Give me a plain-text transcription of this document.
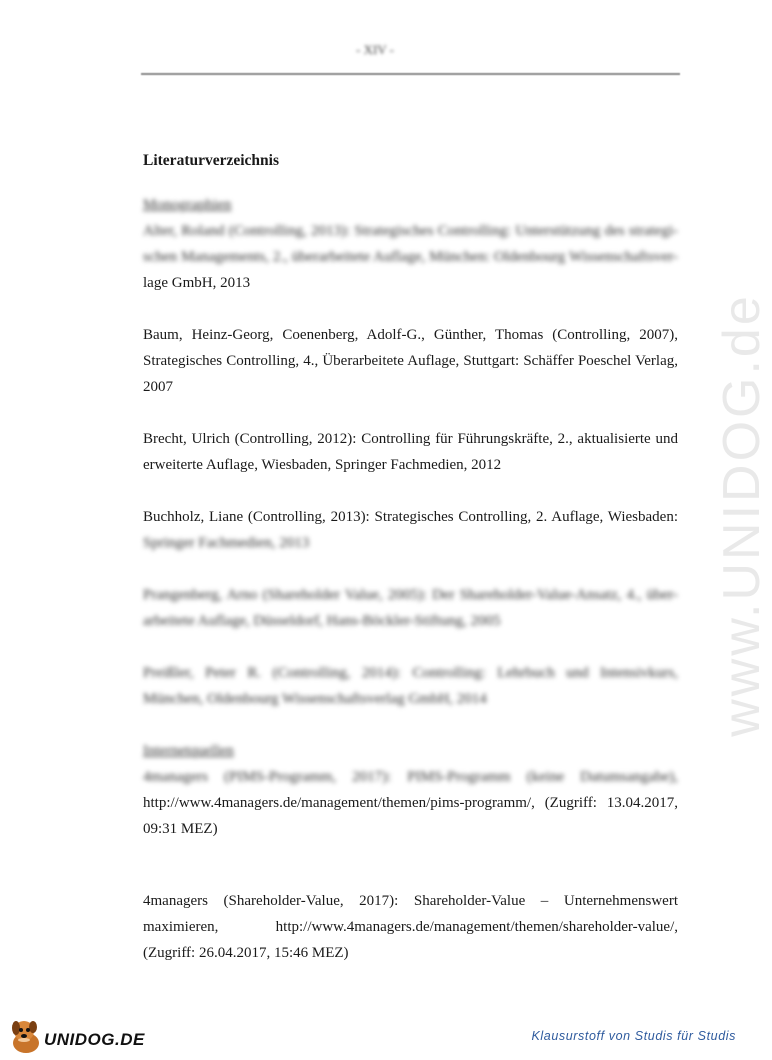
- XIV -
www.UNIDOG.de
Literaturverzeichnis
Monographien
Alter, Roland (Controlling, 2013): Strategisches Controlling: Unterstützung des strategi- schen Managements, 2., überarbeitete Auflage, München: Oldenbourg Wissenschaftsver- lage GmbH, 2013
Baum, Heinz-Georg, Coenenberg, Adolf-G., Günther, Thomas (Controlling, 2007), Strategisches Controlling, 4., Überarbeitete Auflage, Stuttgart: Schäffer Poeschel Verlag, 2007
Brecht, Ulrich (Controlling, 2012): Controlling für Führungskräfte, 2., aktualisierte und erweiterte Auflage, Wiesbaden, Springer Fachmedien, 2012
Buchholz, Liane (Controlling, 2013): Strategisches Controlling, 2. Auflage, Wiesbaden: Springer Fachmedien, 2013
Prangenberg, Arno (Shareholder Value, 2005): Der Shareholder-Value-Ansatz, 4., über- arbeitete Auflage, Düsseldorf, Hans-Böckler-Stiftung, 2005
Preißler, Peter R. (Controlling, 2014): Controlling: Lehrbuch und Intensivkurs, München, Oldenbourg Wissenschaftsverlag GmbH, 2014
Internetquellen
4managers (PIMS-Programm, 2017): PIMS-Programm (keine Datumsangabe), http://www.4managers.de/management/themen/pims-programm/, (Zugriff: 13.04.2017, 09:31 MEZ)
4managers (Shareholder-Value, 2017): Shareholder-Value – Unternehmenswert maximieren, http://www.4managers.de/management/themen/shareholder-value/, (Zugriff: 26.04.2017, 15:46 MEZ)
UNIDOG.DE	Klausurstoff von Studis für Studis
